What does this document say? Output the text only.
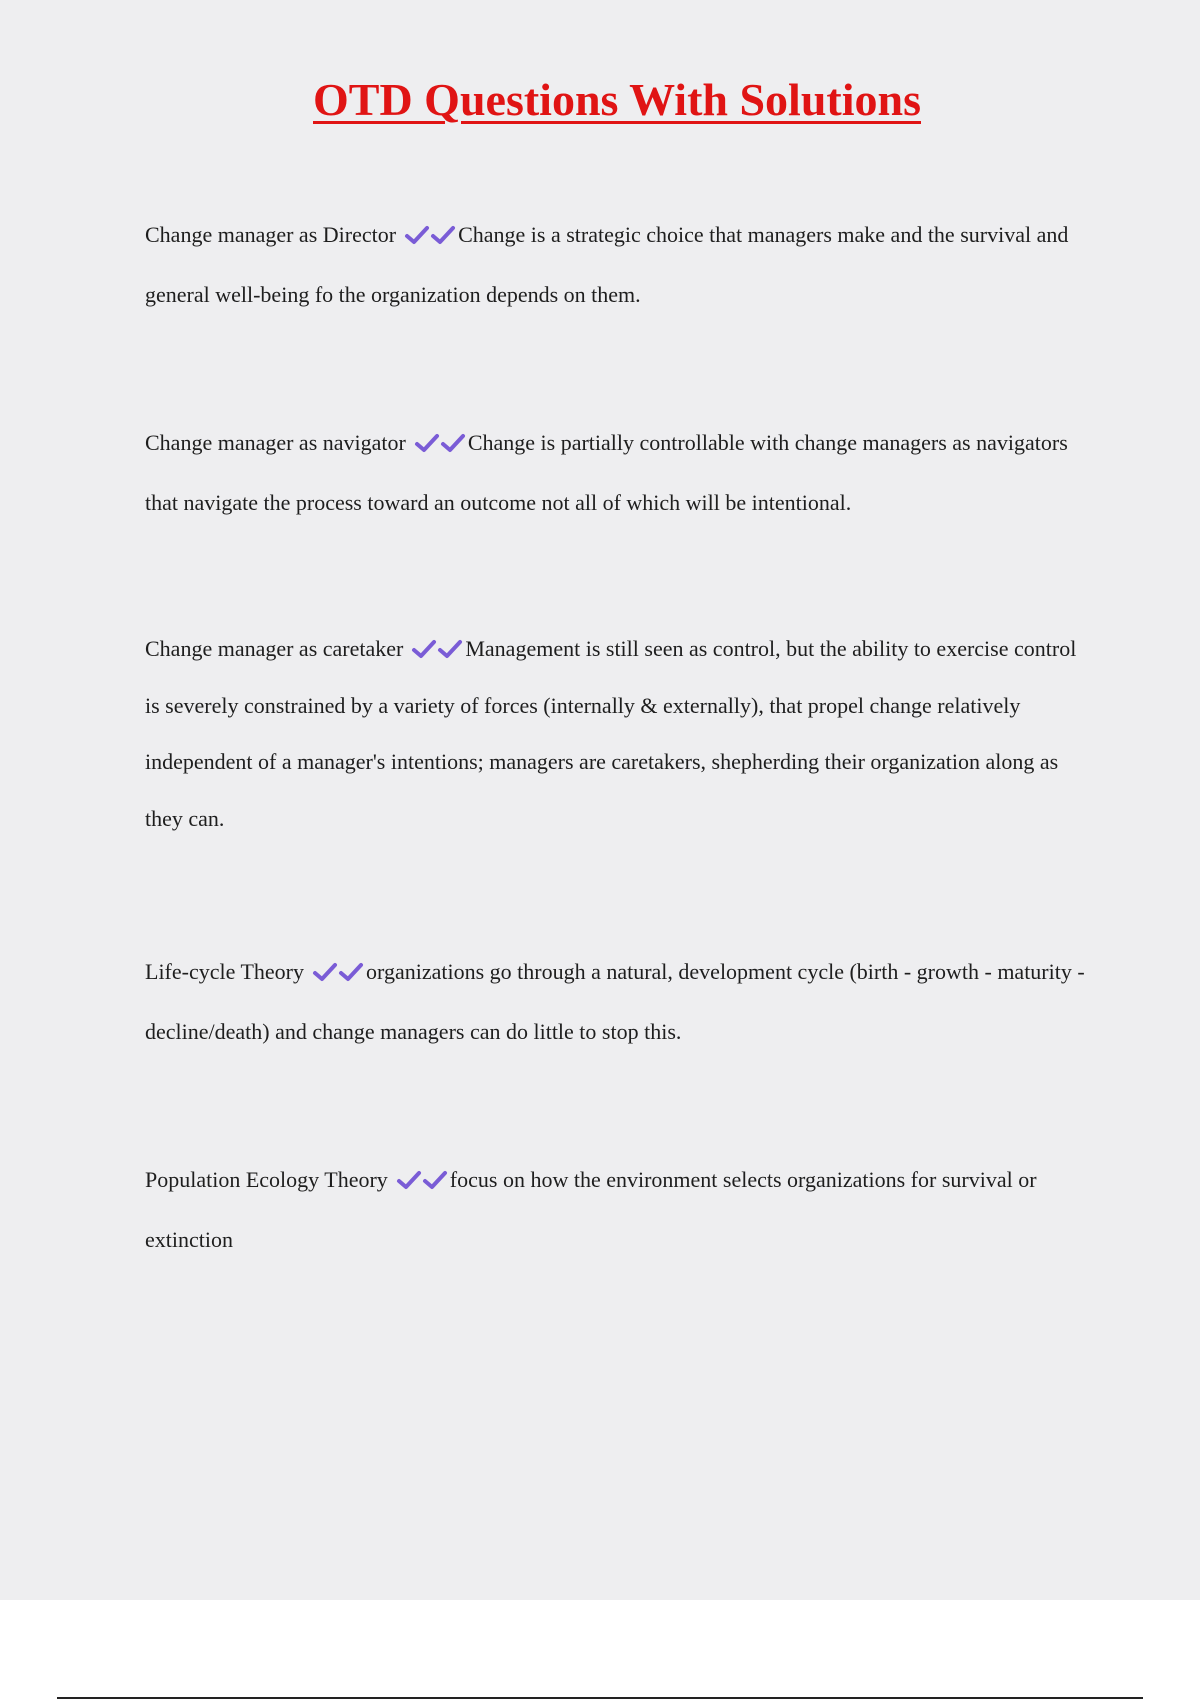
OTD Questions With Solutions

Change manager as Director	Change is a strategic choice that managers make and the survival and general well-being fo the organization depends on them.

Change manager as navigator	Change is partially controllable with change managers as navigators that navigate the process toward an outcome not all of which will be intentional.

Change manager as caretaker	Management is still seen as control, but the ability to exercise control is severely constrained by a variety of forces (internally & externally), that propel change relatively independent of a manager's intentions; managers are caretakers, shepherding their organization along as they can.

Life-cycle Theory	organizations go through a natural, development cycle (birth - growth - maturity - decline/death) and change managers can do little to stop this.

Population Ecology Theory	focus on how the environment selects organizations for survival or extinction
